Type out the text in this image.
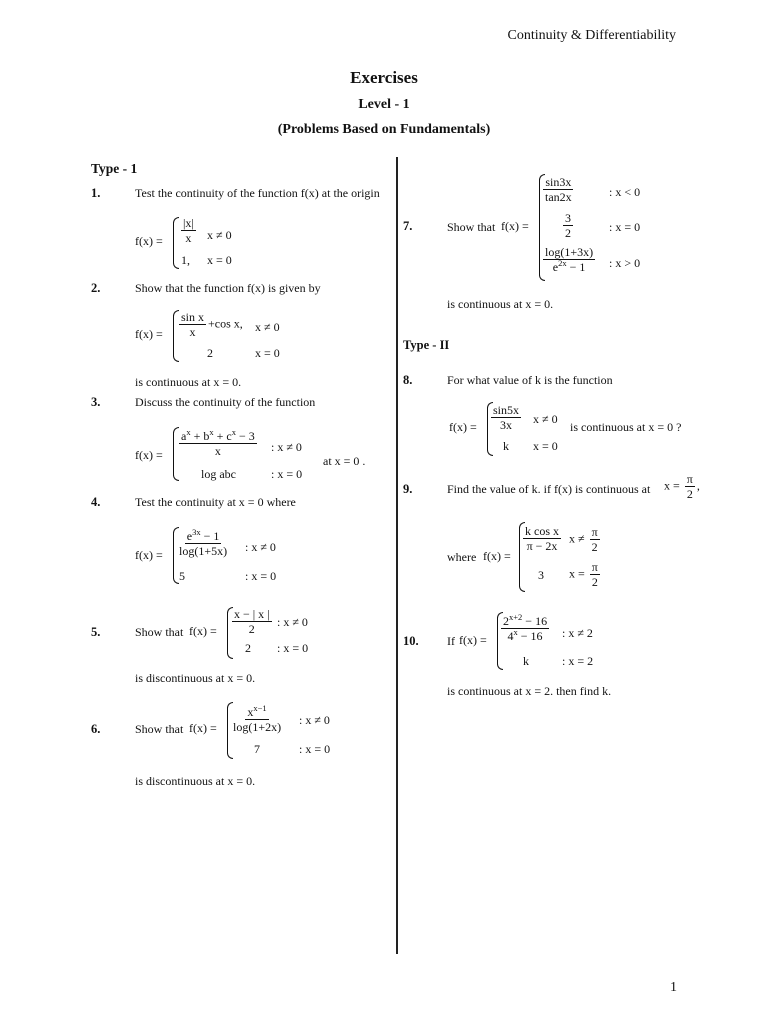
Continuity & Differentiability
Exercises
Level - 1
(Problems Based on Fundamentals)
Type - 1
1.	Test the continuity of the function f(x) at the origin
$f(x) = \frac{|x|}{x}$ x ≠ 0
1, x = 0
2.	Show that the function f(x) is given by
$f(x) = \frac{\text{sin x}}{x} +\cos$ x, x ≠ 0
2	x = 0
is continuous at x = 0.
3.	Discuss the continuity of the function
$f(x) = \frac{a^x + b^x + c^x - 3}{x}$ : x ≠ 0
log abc	: x = 0
at x = 0 .
4.	Test the continuity at x = 0 where
$f(x) = \frac{e^{3x} - 1}{\log(1+5x)}$ : x ≠ 0
5	: x = 0
5.	Show that $f(x) = \frac{x - | x |}{2}$ : x ≠ 0
2 : x = 0
is discontinuous at x = 0.
6.	Show that $f(x) = \frac{x^{x-1}}{\log(1+2x)}$ : x ≠ 0
7	: x = 0
is discontinuous at x = 0.
7.	Show that f(x) =
$\frac{\sin 3x}{\tan 2x}$	: x < 0
$\frac{3}{2}$	: x = 0
$\frac{\log(1+3x)}{e^{2x} - 1}$ : x > 0
is continuous at x = 0.
Type - II
8.	For what value of k is the function
$f(x) = \frac{\sin 5x}{3x}$ x ≠ 0
k x = 0
is continuous at x = 0 ?
9.	Find the value of k. if f(x) is continuous at $x = \frac{\pi}{2}$ ,
where f(x) =
$\frac{\text{k cos x}}{\pi - 2x}$ $x \ne \frac{\pi}{2}$
3 $x = \frac{\pi}{2}$
10. If $f(x) = \frac{2^{x+2} - 16}{4^x - 16}$ : x ≠ 2
k	: x = 2
is continuous at x = 2. then find k.
1
